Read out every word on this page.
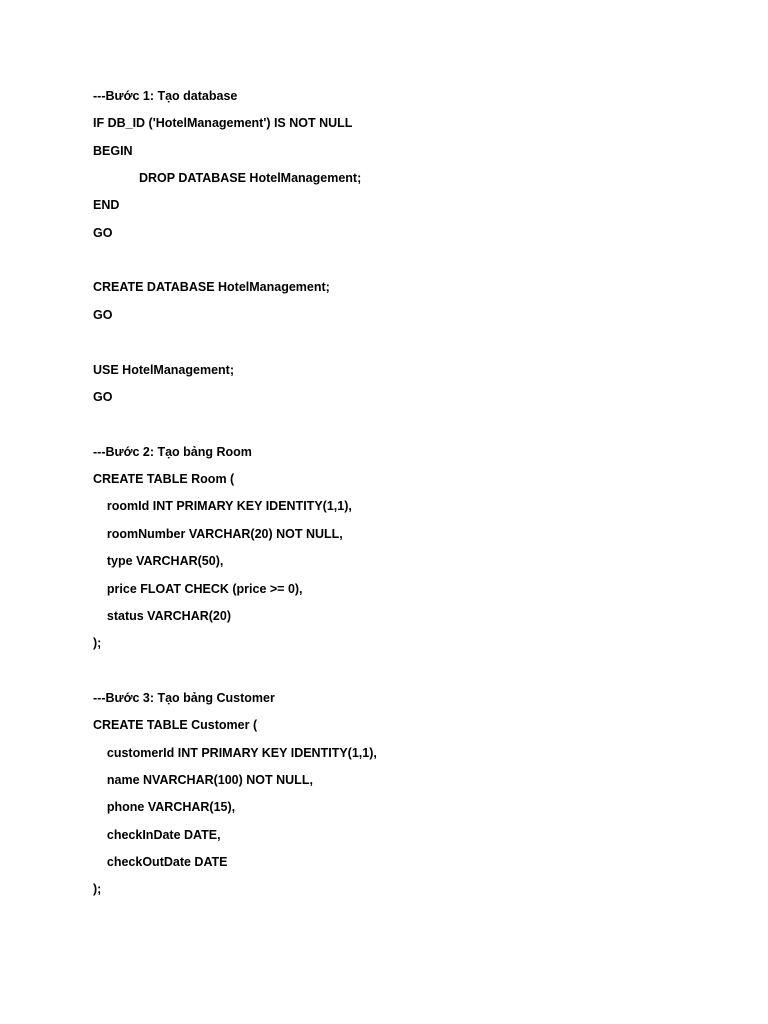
---Bước 1: Tạo database

IF DB_ID ('HotelManagement') IS NOT NULL

BEGIN

DROP DATABASE HotelManagement;

END

GO

CREATE DATABASE HotelManagement;

GO

USE HotelManagement;

GO

---Bước 2: Tạo bảng Room

CREATE TABLE Room (

roomId INT PRIMARY KEY IDENTITY(1,1),

roomNumber VARCHAR(20) NOT NULL,

type VARCHAR(50),

price FLOAT CHECK (price >= 0),

status VARCHAR(20)

);

---Bước 3: Tạo bảng Customer

CREATE TABLE Customer (

customerId INT PRIMARY KEY IDENTITY(1,1),

name NVARCHAR(100) NOT NULL,

phone VARCHAR(15),

checkInDate DATE,

checkOutDate DATE

);
